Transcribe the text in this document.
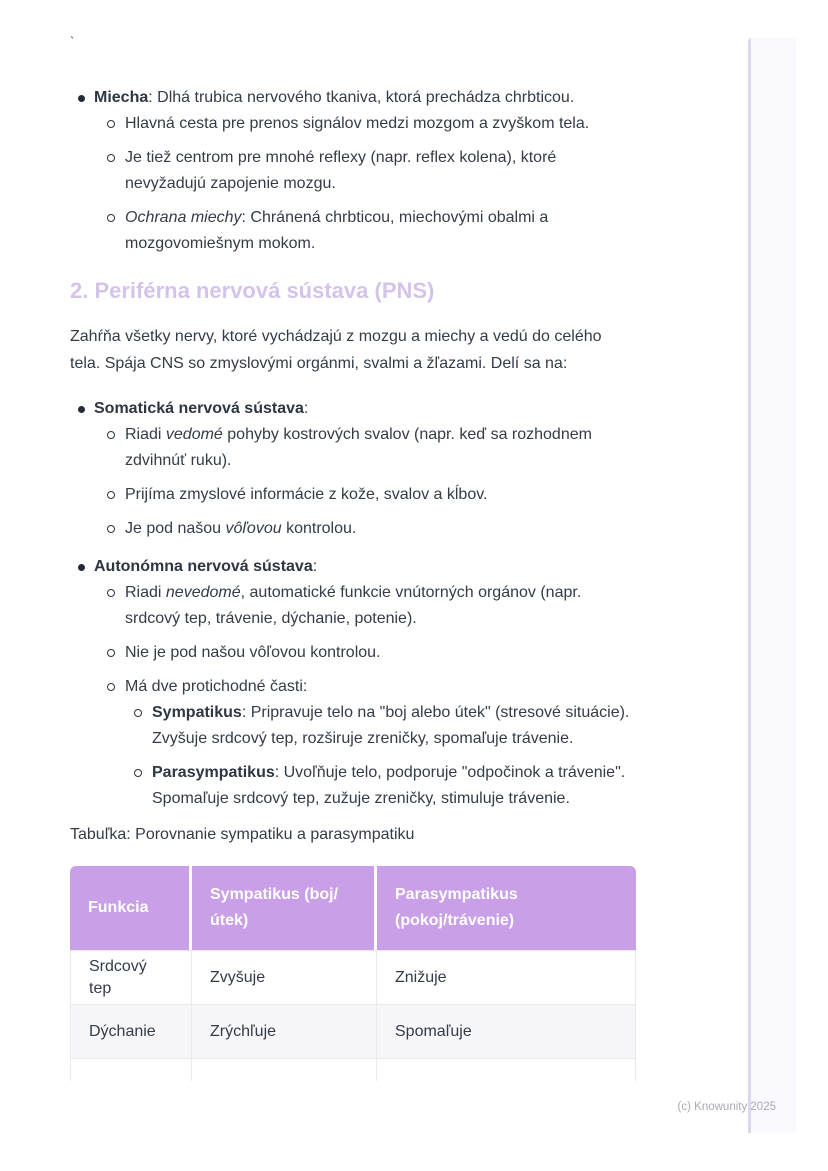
`

Miecha: Dlhá trubica nervového tkaniva, ktorá prechádza chrbticou.

Hlavná cesta pre prenos signálov medzi mozgom a zvyškom tela.

Je tiež centrom pre mnohé reflexy (napr. reflex kolena), ktoré nevyžadujú zapojenie mozgu.

Ochrana miechy: Chránená chrbticou, miechovými obalmi a mozgovomiešnym mokom.

2. Periférna nervová sústava (PNS)

Zahŕňa všetky nervy, ktoré vychádzajú z mozgu a miechy a vedú do celého tela. Spája CNS so zmyslovými orgánmi, svalmi a žľazami. Delí sa na:

Somatická nervová sústava:

Riadi vedomé pohyby kostrových svalov (napr. keď sa rozhodnem zdvihnúť ruku).

Prijíma zmyslové informácie z kože, svalov a kĺbov.

Je pod našou vôľovou kontrolou.

Autonómna nervová sústava:

Riadi nevedomé, automatické funkcie vnútorných orgánov (napr. srdcový tep, trávenie, dýchanie, potenie).

Nie je pod našou vôľovou kontrolou.

Má dve protichodné časti:

Sympatikus: Pripravuje telo na "boj alebo útek" (stresové situácie). Zvyšuje srdcový tep, rozširuje zreničky, spomaľuje trávenie.

Parasympatikus: Uvoľňuje telo, podporuje "odpočinok a trávenie". Spomaľuje srdcový tep, zužuje zreničky, stimuluje trávenie.

Tabuľka: Porovnanie sympatiku a parasympatiku

Funkcia	Sympatikus (boj/útek)	Parasympatikus (pokoj/trávenie)
Srdcový tep	Zvyšuje	Znižuje
Dýchanie	Zrýchľuje	Spomaľuje

(c) Knowunity 2025
